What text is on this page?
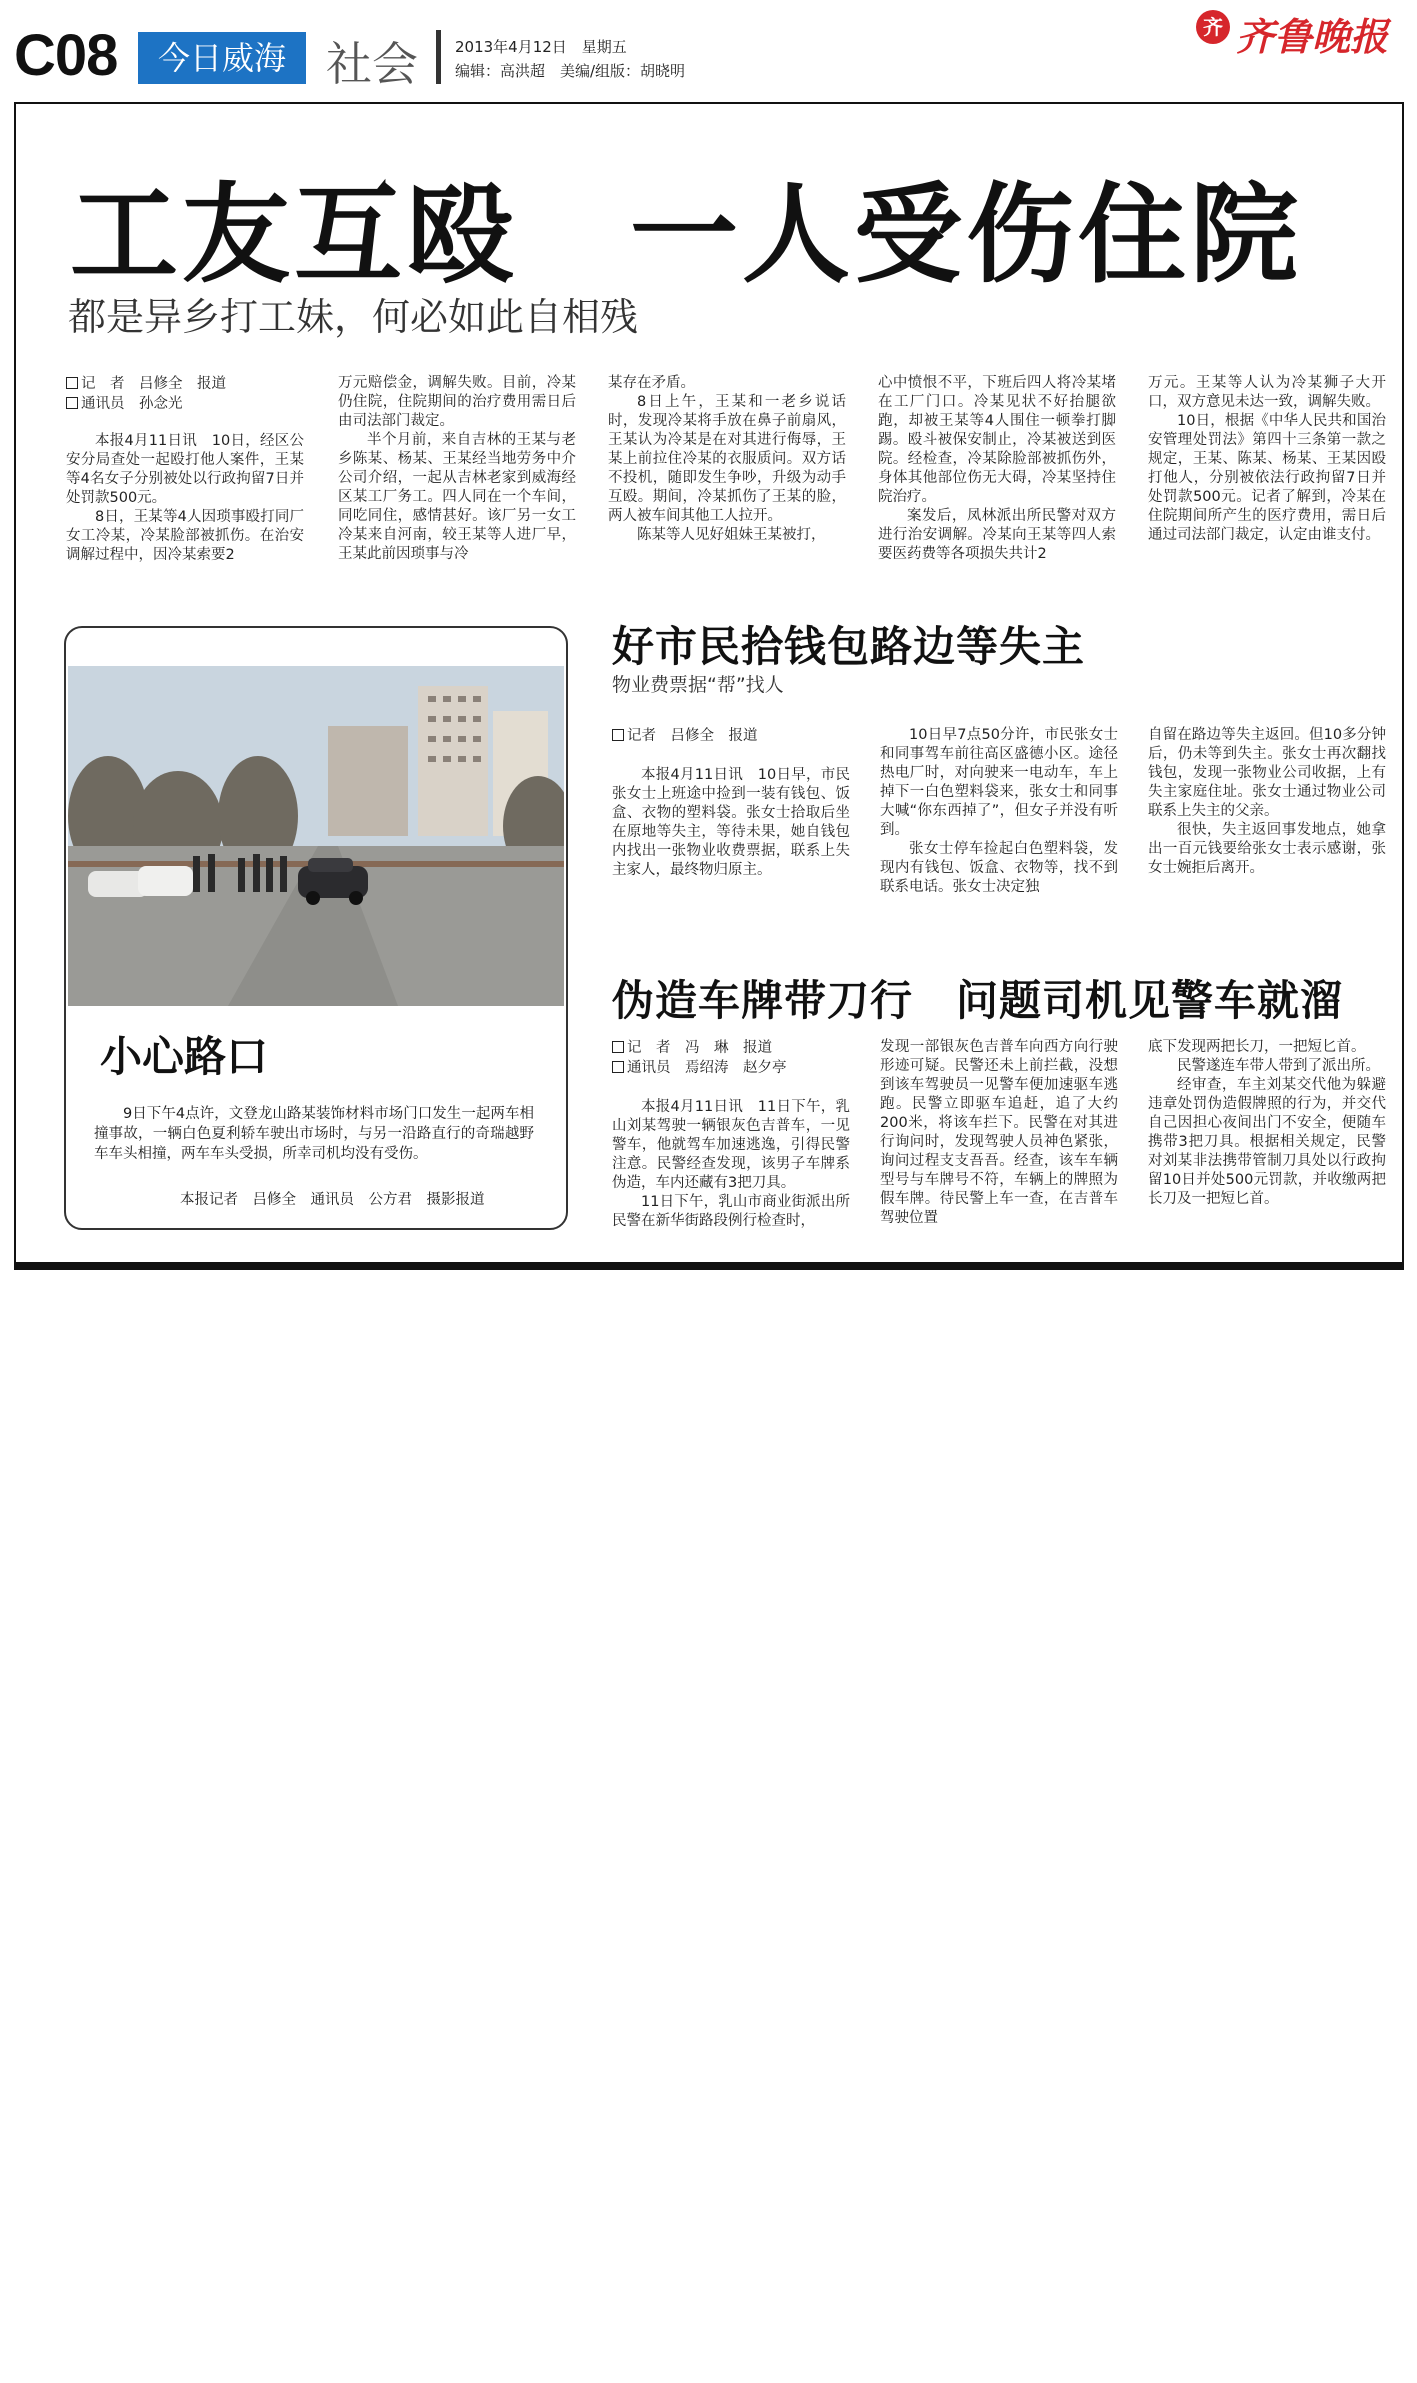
C08	今日威海 社会 2013年4月12日　星期五
编辑：高洪超　美编/组版：胡晓明
齐 齐鲁晚报
工友互殴　一人受伤住院
都是异乡打工妹，何必如此自相残
记　者　吕修全　报道
通讯员　孙念光

本报4月11日讯　10日，经区公安分局查处一起殴打他人案件，王某等4名女子分别被处以行政拘留7日并处罚款500元。

8日，王某等4人因琐事殴打同厂女工冷某，冷某脸部被抓伤。在治安调解过程中，因冷某索要2

万元赔偿金，调解失败。目前，冷某仍住院，住院期间的治疗费用需日后由司法部门裁定。

半个月前，来自吉林的王某与老乡陈某、杨某、王某经当地劳务中介公司介绍，一起从吉林老家到威海经区某工厂务工。四人同在一个车间，同吃同住，感情甚好。该厂另一女工冷某来自河南，较王某等人进厂早，王某此前因琐事与冷

某存在矛盾。

8日上午，王某和一老乡说话时，发现冷某将手放在鼻子前扇风，王某认为冷某是在对其进行侮辱，王某上前拉住冷某的衣服质问。双方话不投机，随即发生争吵，升级为动手互殴。期间，冷某抓伤了王某的脸，两人被车间其他工人拉开。

陈某等人见好姐妹王某被打，

心中愤恨不平，下班后四人将冷某堵在工厂门口。冷某见状不好抬腿欲跑，却被王某等4人围住一顿拳打脚踢。殴斗被保安制止，冷某被送到医院。经检查，冷某除脸部被抓伤外，身体其他部位伤无大碍，冷某坚持住院治疗。

案发后，凤林派出所民警对双方进行治安调解。冷某向王某等四人索要医药费等各项损失共计2

万元。王某等人认为冷某狮子大开口，双方意见未达一致，调解失败。

10日，根据《中华人民共和国治安管理处罚法》第四十三条第一款之规定，王某、陈某、杨某、王某因殴打他人，分别被依法行政拘留7日并处罚款500元。记者了解到，冷某在住院期间所产生的医疗费用，需日后通过司法部门裁定，认定由谁支付。

小心路口

9日下午4点许，文登龙山路某装饰材料市场门口发生一起两车相撞事故，一辆白色夏利轿车驶出市场时，与另一沿路直行的奇瑞越野车车头相撞，两车车头受损，所幸司机均没有受伤。

本报记者　吕修全　通讯员　公方君　摄影报道
好市民拾钱包路边等失主
物业费票据“帮”找人
记者　吕修全　报道

本报4月11日讯　10日早，市民张女士上班途中捡到一装有钱包、饭盒、衣物的塑料袋。张女士拾取后坐在原地等失主，等待未果，她自钱包内找出一张物业收费票据，联系上失主家人，最终物归原主。

10日早7点50分许，市民张女士和同事驾车前往高区盛德小区。途径热电厂时，对向驶来一电动车，车上掉下一白色塑料袋来，张女士和同事大喊“你东西掉了”，但女子并没有听到。

张女士停车捡起白色塑料袋，发现内有钱包、饭盒、衣物等，找不到联系电话。张女士决定独

自留在路边等失主返回。但10多分钟后，仍未等到失主。张女士再次翻找钱包，发现一张物业公司收据，上有失主家庭住址。张女士通过物业公司联系上失主的父亲。

很快，失主返回事发地点，她拿出一百元钱要给张女士表示感谢，张女士婉拒后离开。

伪造车牌带刀行　问题司机见警车就溜
记　者　冯　琳　报道
通讯员　焉绍涛　赵夕亭

本报4月11日讯　11日下午，乳山刘某驾驶一辆银灰色吉普车，一见警车，他就驾车加速逃逸，引得民警注意。民警经查发现，该男子车牌系伪造，车内还藏有3把刀具。

11日下午，乳山市商业街派出所民警在新华街路段例行检查时，

发现一部银灰色吉普车向西方向行驶形迹可疑。民警还未上前拦截，没想到该车驾驶员一见警车便加速驱车逃跑。民警立即驱车追赶，追了大约200米，将该车拦下。民警在对其进行询问时，发现驾驶人员神色紧张，询问过程支支吾吾。经查，该车车辆型号与车牌号不符，车辆上的牌照为假车牌。待民警上车一查，在吉普车驾驶位置

底下发现两把长刀，一把短匕首。

民警遂连车带人带到了派出所。

经审查，车主刘某交代他为躲避违章处罚伪造假牌照的行为，并交代自己因担心夜间出门不安全，便随车携带3把刀具。根据相关规定，民警对刘某非法携带管制刀具处以行政拘留10日并处500元罚款，并收缴两把长刀及一把短匕首。
